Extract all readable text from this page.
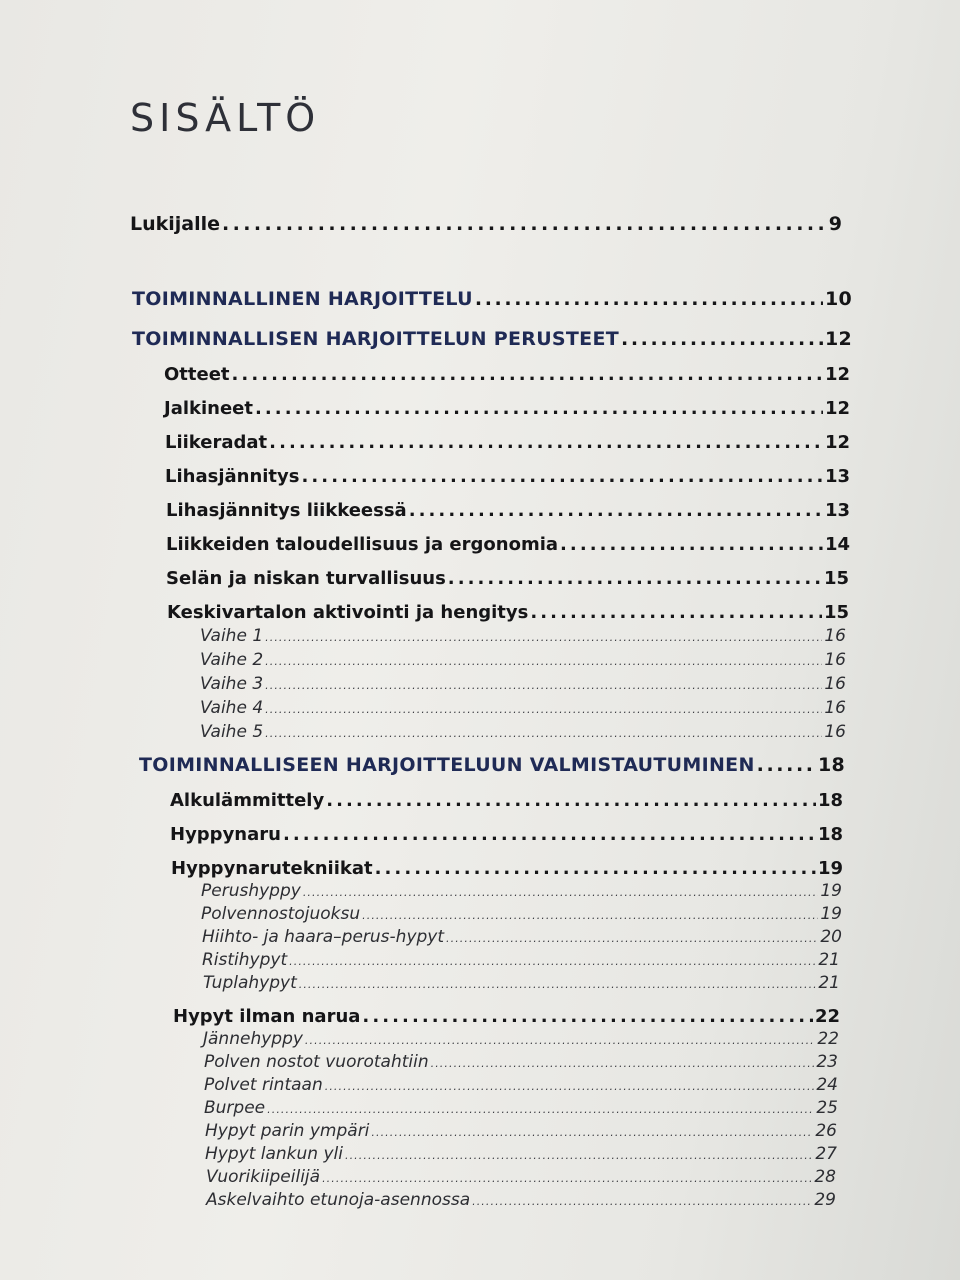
SISÄLTÖ
Lukijalle . . .	9
TOIMINNALLINEN HARJOITTELU . . .	10
TOIMINNALLISEN HARJOITTELUN PERUSTEET . . .	12
Otteet . . .	12
Jalkineet . . .	12
Liikeradat . . .	12
Lihasjännitys . . .	13
Lihasjännitys liikkeessä . . .	13
Liikkeiden taloudellisuus ja ergonomia . . .	14
Selän ja niskan turvallisuus . . .	15
Keskivartalon aktivointi ja hengitys . . .	15
Vaihe 1 . . .	16
Vaihe 2 . . .	16
Vaihe 3 . . .	16
Vaihe 4 . . .	16
Vaihe 5 . . .	16
TOIMINNALLISEEN HARJOITTELUUN VALMISTAUTUMINEN . . .	18
Alkulämmittely . . .	18
Hyppynaru . . .	18
Hyppynarutekniikat . . .	19
Perushyppy . . .	19
Polvennostojuoksu . . .	19
Hiihto- ja haara–perus-hypyt . . .	20
Ristihypyt . . .	21
Tuplahypyt . . .	21
Hypyt ilman narua . . .	22
Jännehyppy . . .	22
Polven nostot vuorotahtiin . . .	23
Polvet rintaan . . .	24
Burpee . . .	25
Hypyt parin ympäri . . .	26
Hypyt lankun yli . . .	27
Vuorikiipeilijä . . .	28
Askelvaihto etunoja-asennossa . . .	29
